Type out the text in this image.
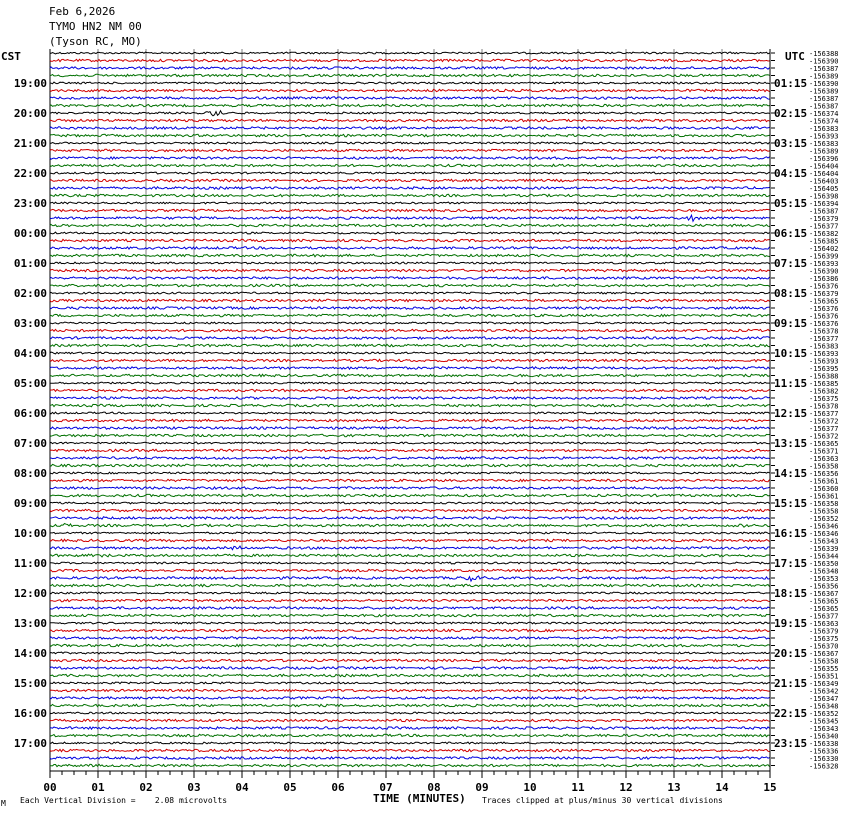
Feb 6,2026
TYMO HN2 NM 00
(Tyson RC, MO)
CST	UTC -156388
-156390
-156387
-156389
-156390
-156389
-156387
-156387
-156374
-156374
-156383
-156393
-156383
-156389
-156396
-156404
-156404
-156403
-156405
-156398
-156394
-156387
-156379
-156377
-156382
-156385
-156402
-156399
-156393
-156390
-156386
-156376
-156379
-156365
-156376
-156376
-156376
-156378
-156377
-156383
-156393
-156393
-156395
-156388
-156385
-156382
-156375
-156378
-156377
-156372
-156377
-156372
-156365
-156371
-156363
-156358
-156356
-156361
-156360
-156361
-156358
-156358
-156352
-156346
-156346
-156343
-156339
-156344
-156350
-156348
-156353
-156356
-156367
-156365
-156365
-156377
-156363
-156379
-156375
-156370
-156367
-156358
-156355
-156351
-156349
-156342
-156347
-156348
-156352
-156345
-156343
-156340
-156338
-156336
-156330
-156328
19:00
20:00
21:00
22:00
23:00
00:00
01:00
02:00
03:00
04:00
05:00
06:00
07:00
08:00
09:00
10:00
11:00
12:00
13:00
14:00
15:00
16:00
17:00
01:15
02:15
03:15
04:15
05:15
06:15
07:15
08:15
09:15
10:15
11:15
12:15
13:15
14:15
15:15
16:15
17:15
18:15
19:15
20:15
21:15
22:15
23:15
00	01	02	03	04	05	06	07	08	09	10	11	12	13	14	15
M Each Vertical Division =    2.08 microvolts	TIME (MINUTES) Traces clipped at plus/minus 30 vertical divisions
